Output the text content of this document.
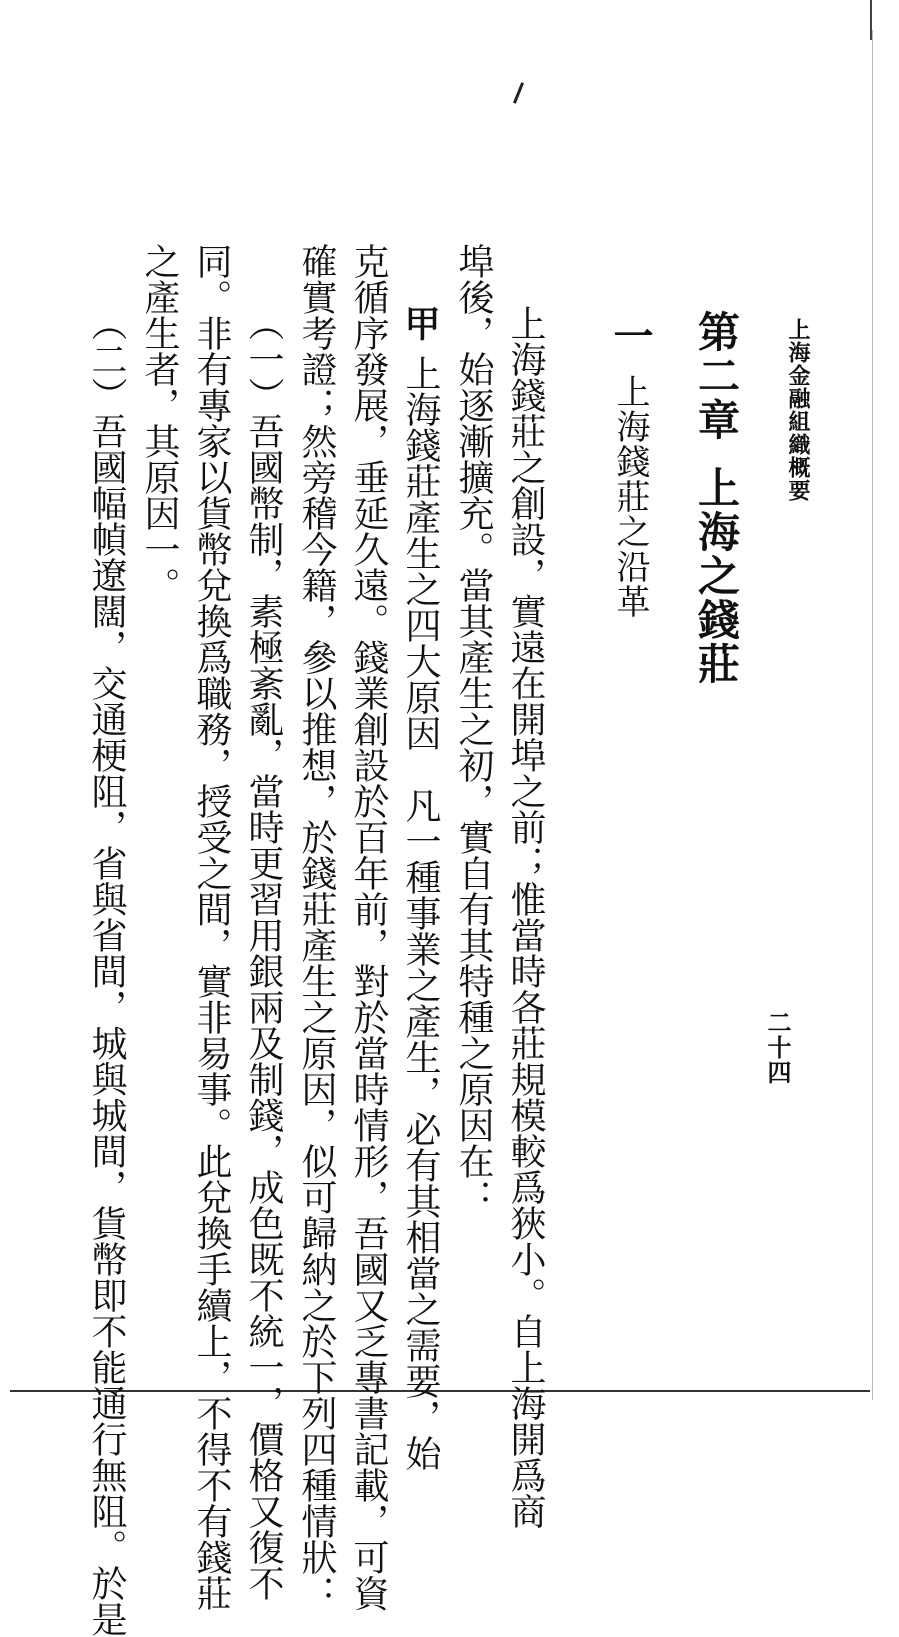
上海金融組織概要
二十四
第二章上海之錢莊
一上海錢莊之沿革
上海錢莊之創設，實遠在開埠之前；惟當時各莊規模較爲狹小。自上海開爲商
埠後，始逐漸擴充。當其產生之初，實自有其特種之原因在：
甲上海錢莊產生之四大原因　凡一種事業之產生，必有其相當之需要，始
克循序發展，垂延久遠。錢業創設於百年前，對於當時情形，吾國又乏專書記載，可資
確實考證；然旁稽今籍，參以推想，於錢莊產生之原因，似可歸納之於下列四種情狀：
（一）吾國幣制，素極紊亂，當時更習用銀兩及制錢，成色既不統一，價格又復不
同。非有專家以貨幣兌換爲職務，授受之間，實非易事。此兌換手續上，不得不有錢莊
之產生者，其原因一。
（二）吾國幅幀遼闊，交通梗阻，省與省間，城與城間，貨幣即不能通行無阻。於是
